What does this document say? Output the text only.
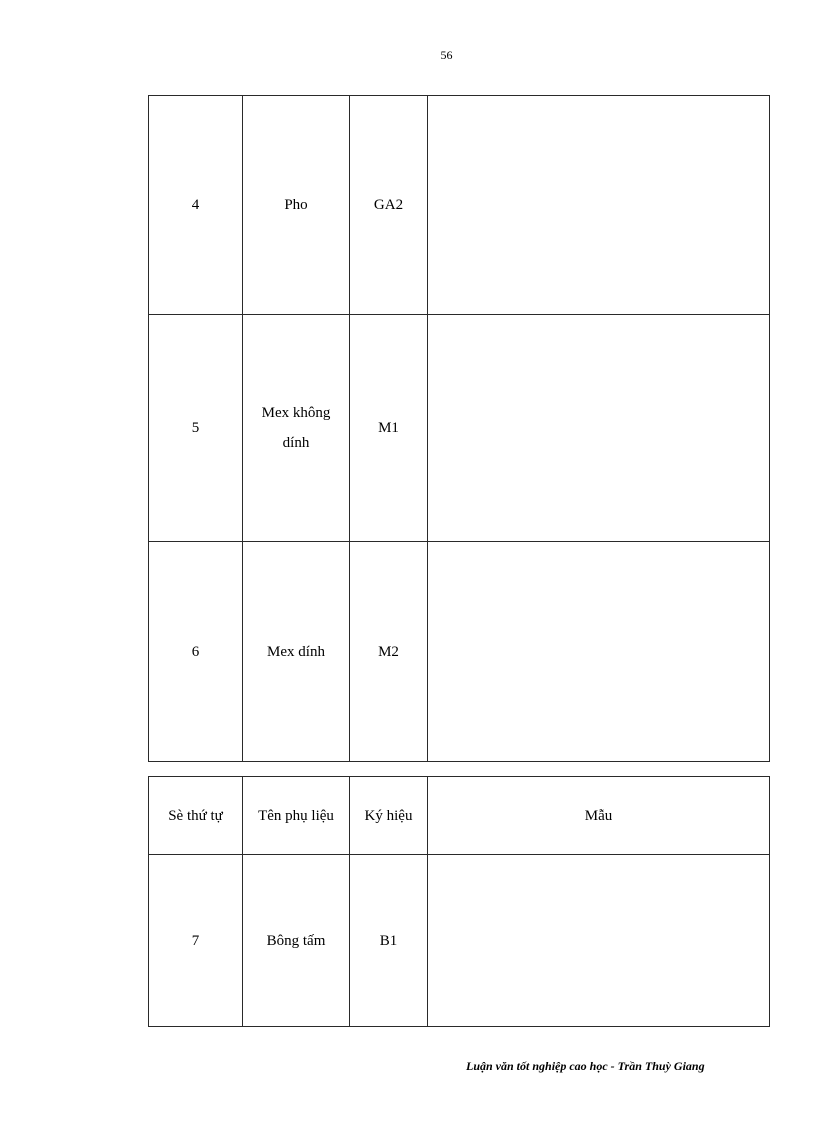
56
4	Pho	GA2	
5	Mex không dính	M1	
6	Mex dính	M2	
Sè thứ tự	Tên phụ liệu	Ký hiệu	Mẫu
7	Bông tấm	B1	
Luận văn tốt nghiệp cao học - Trần Thuỳ Giang
